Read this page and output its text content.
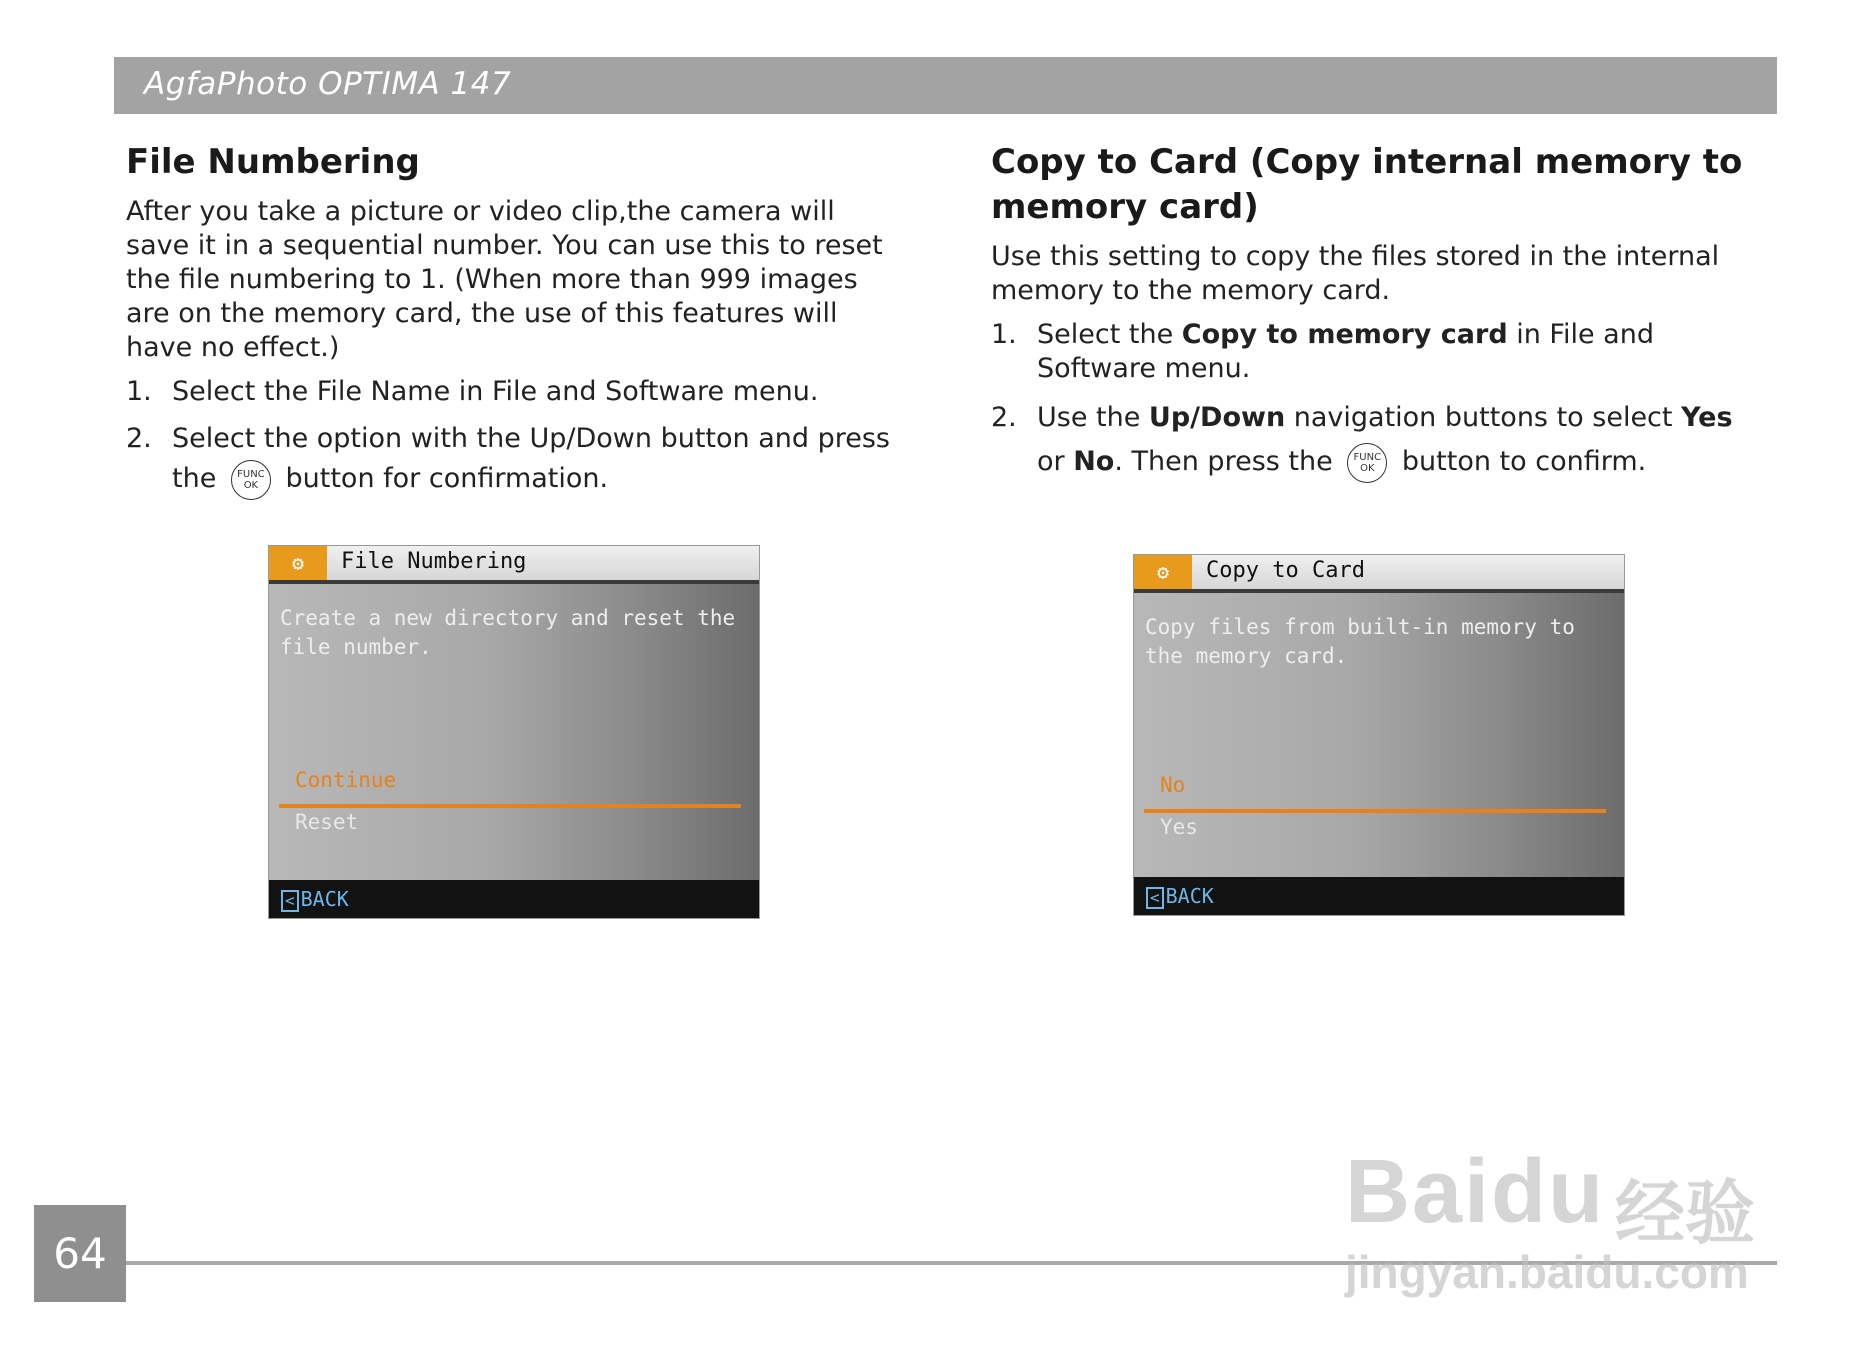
AgfaPhoto OPTIMA 147
File Numbering

After you take a picture or video clip,the camera will save it in a sequential number. You can use this to reset the file numbering to 1. (When more than 999 images are on the memory card, the use of this features will have no effect.)

1. Select the File Name in File and Software menu.
2. Select the option with the Up/Down button and press the FUNC
OK button for confirmation.
Copy to Card (Copy internal memory to memory card)

Use this setting to copy the files stored in the internal memory to the memory card.

1. Select the Copy to memory card in File and Software menu.
2. Use the Up/Down navigation buttons to select Yes or No. Then press the FUNC
OK button to confirm.
⚙	File Numbering
Create a new directory and reset the file number.
Continue
Reset
< BACK
⚙	Copy to Card
Copy files from built-in memory to the memory card.
No
Yes
< BACK
64
Baidu 经验
jingyan.baidu.com
